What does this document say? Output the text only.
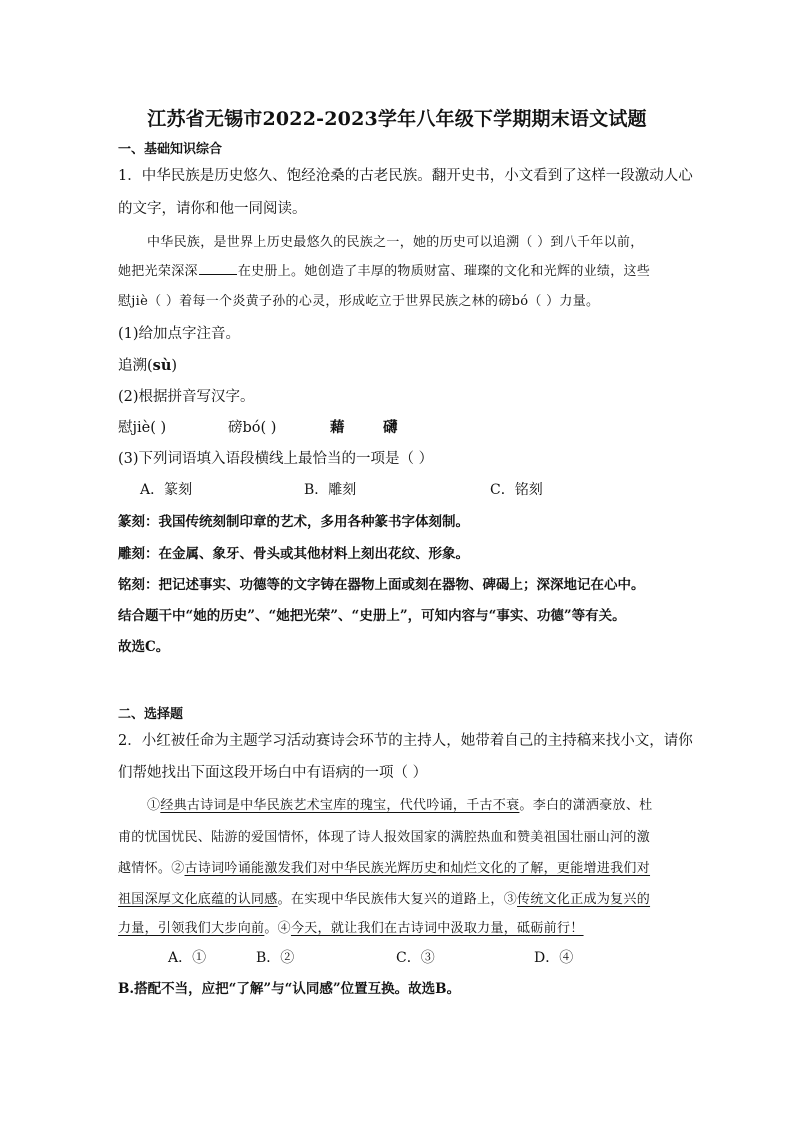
江苏省无锡市2022-2023学年八年级下学期期末语文试题
一、基础知识综合
1．中华民族是历史悠久、饱经沧桑的古老民族。翻开史书，小文看到了这样一段激动人心
的文字，请你和他一同阅读。
中华民族，是世界上历史最悠久的民族之一，她的历史可以追溯（ ）到八千年以前，
她把光荣深深	在史册上。她创造了丰厚的物质财富、璀璨的文化和光辉的业绩，这些
慰jiè（ ）着每一个炎黄子孙的心灵，形成屹立于世界民族之林的磅bó（ ）力量。
(1)给加点字注音。
追溯(sù)
(2)根据拼音写汉字。
慰jiè( )	磅bó( )	藉	礴
(3)下列词语填入语段横线上最恰当的一项是（ ）
A．篆刻	B．雕刻	C．铭刻
篆刻：我国传统刻制印章的艺术，多用各种篆书字体刻制。
雕刻：在金属、象牙、骨头或其他材料上刻出花纹、形象。
铭刻：把记述事实、功德等的文字铸在器物上面或刻在器物、碑碣上；深深地记在心中。
结合题干中“她的历史”、“她把光荣”、“史册上”，可知内容与“事实、功德”等有关。
故选C。
二、选择题
2．小红被任命为主题学习活动赛诗会环节的主持人，她带着自己的主持稿来找小文，请你
们帮她找出下面这段开场白中有语病的一项（ ）
①经典古诗词是中华民族艺术宝库的瑰宝，代代吟诵，千古不衰。李白的潇洒豪放、杜
甫的忧国忧民、陆游的爱国情怀，体现了诗人报效国家的满腔热血和赞美祖国壮丽山河的激
越情怀。②古诗词吟诵能激发我们对中华民族光辉历史和灿烂文化的了解，更能增进我们对
祖国深厚文化底蕴的认同感。在实现中华民族伟大复兴的道路上，③传统文化正成为复兴的
力量，引领我们大步向前。④今天，就让我们在古诗词中汲取力量，砥砺前行！
A．①	B．②	C．③	D．④
B.搭配不当，应把“了解”与“认同感”位置互换。故选B。
